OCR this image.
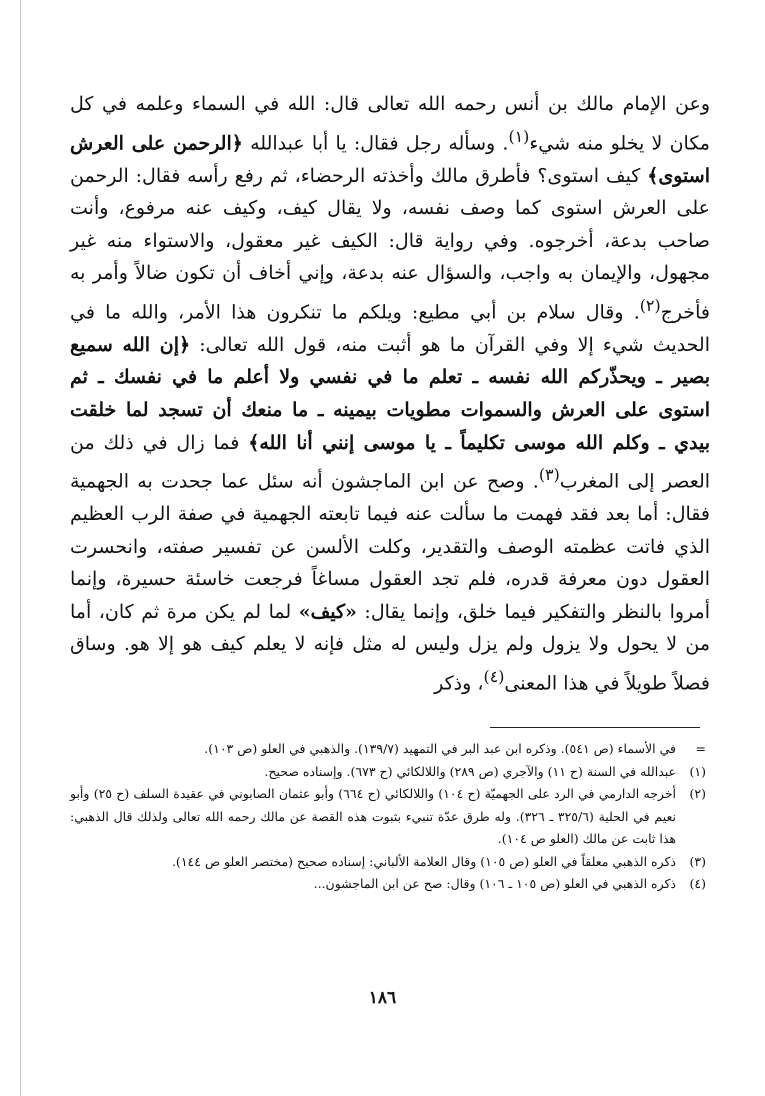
وعن الإمام مالك بن أنس رحمه الله تعالى قال: الله في السماء وعلمه في كل مكان لا يخلو منه شيء$^{(١)}$. وسأله رجل فقال: يا أبا عبدالله ﴿الرحمن على العرش استوى﴾ كيف استوى؟ فأطرق مالك وأخذته الرحضاء، ثم رفع رأسه فقال: الرحمن على العرش استوى كما وصف نفسه، ولا يقال كيف، وكيف عنه مرفوع، وأنت صاحب بدعة، أخرجوه. وفي رواية قال: الكيف غير معقول، والاستواء منه غير مجهول، والإيمان به واجب، والسؤال عنه بدعة، وإني أخاف أن تكون ضالاً وأمر به فأخرج$^{(٢)}$. وقال سلام بن أبي مطيع: ويلكم ما تنكرون هذا الأمر، والله ما في الحديث شيء إلا وفي القرآن ما هو أثبت منه، قول الله تعالى: ﴿إن الله سميع بصير ـ ويحذّركم الله نفسه ـ تعلم ما في نفسي ولا أعلم ما في نفسك ـ ثم استوى على العرش والسموات مطويات بيمينه ـ ما منعك أن تسجد لما خلقت بيدي ـ وكلم الله موسى تكليماً ـ يا موسى إنني أنا الله﴾ فما زال في ذلك من العصر إلى المغرب$^{(٣)}$. وصح عن ابن الماجشون أنه سئل عما جحدت به الجهمية فقال: أما بعد فقد فهمت ما سألت عنه فيما تابعته الجهمية في صفة الرب العظيم الذي فاتت عظمته الوصف والتقدير، وكلت الألسن عن تفسير صفته، وانحسرت العقول دون معرفة قدره، فلم تجد العقول مساغاً فرجعت خاسئة حسيرة، وإنما أمروا بالنظر والتفكير فيما خلق، وإنما يقال: «كيف» لما لم يكن مرة ثم كان، أما من لا يحول ولا يزول ولم يزل وليس له مثل فإنه لا يعلم كيف هو إلا هو. وساق فصلاً طويلاً في هذا المعنى$^{(٤)}$، وذكر

=
في الأسماء (ص ٥٤١). وذكره ابن عبد البر في التمهيد (١٣٩/٧). والذهبي في العلو (ص ١٠٣).

(١)
عبدالله في السنة (ح ١١) والآجري (ص ٢٨٩) واللالكائي (ح ٦٧٣). وإسناده صحيح.

(٢)
أخرجه الدارمي في الرد على الجهميّة (ح ١٠٤) واللالكائي (ح ٦٦٤) وأبو عثمان الصابوني في عقيدة السلف (ح ٢٥) وأبو نعيم في الحلية (٣٢٥/٦ ـ ٣٢٦). وله طرق عدّة تنبيء بثبوت هذه القصة عن مالك رحمه الله تعالى ولذلك قال الذهبي: هذا ثابت عن مالك (العلو ص ١٠٤).

(٣)
ذكره الذهبي معلقاً في العلو (ص ١٠٥) وقال العلامة الألباني: إسناده صحيح (مختصر العلو ص ١٤٤).

(٤)
ذكره الذهبي في العلو (ص ١٠٥ ـ ١٠٦) وقال: صح عن ابن الماجشون...

١٨٦
